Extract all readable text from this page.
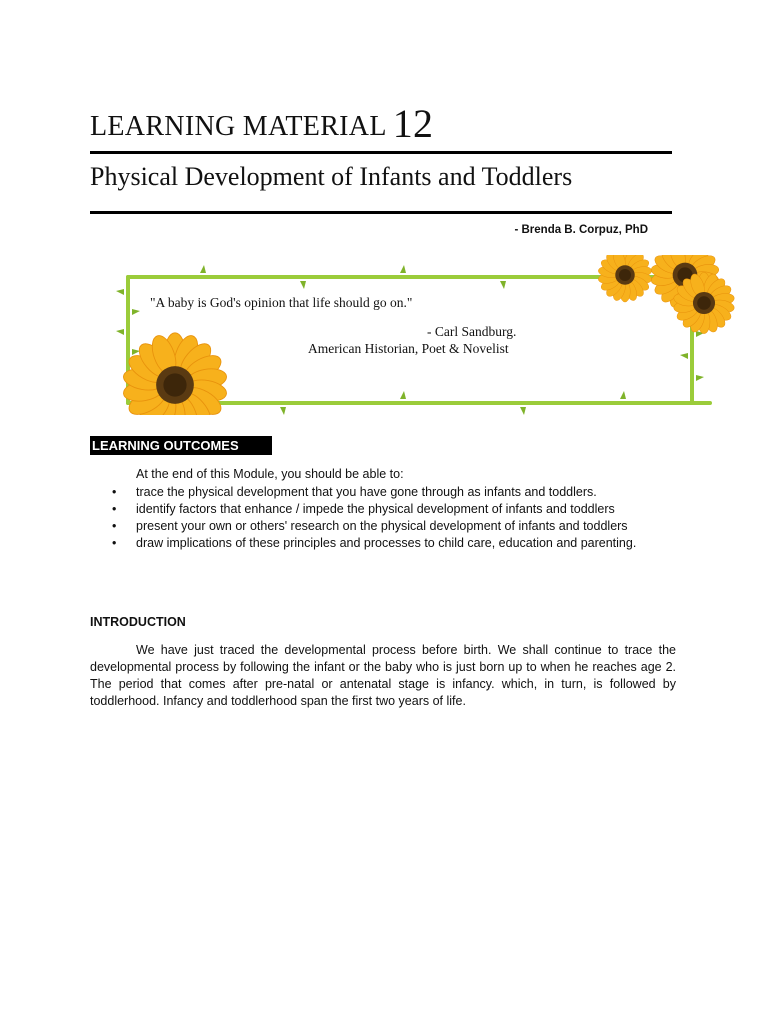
LEARNING MATERIAL 12
Physical Development of Infants and Toddlers
- Brenda B. Corpuz, PhD
"A baby is God's opinion that life should go on."
- Carl Sandburg.
American Historian, Poet & Novelist
LEARNING OUTCOMES
At the end of this Module, you should be able to:
• trace the physical development that you have gone through as infants and toddlers.
• identify factors that enhance / impede the physical development of infants and toddlers
• present your own or others' research on the physical development of infants and toddlers
• draw implications of these principles and processes to child care, education and parenting.
INTRODUCTION

We have just traced the developmental process before birth. We shall continue to trace the developmental process by following the infant or the baby who is just born up to when he reaches age 2. The period that comes after pre-natal or antenatal stage is infancy. which, in turn, is followed by toddlerhood. Infancy and toddlerhood span the first two years of life.
